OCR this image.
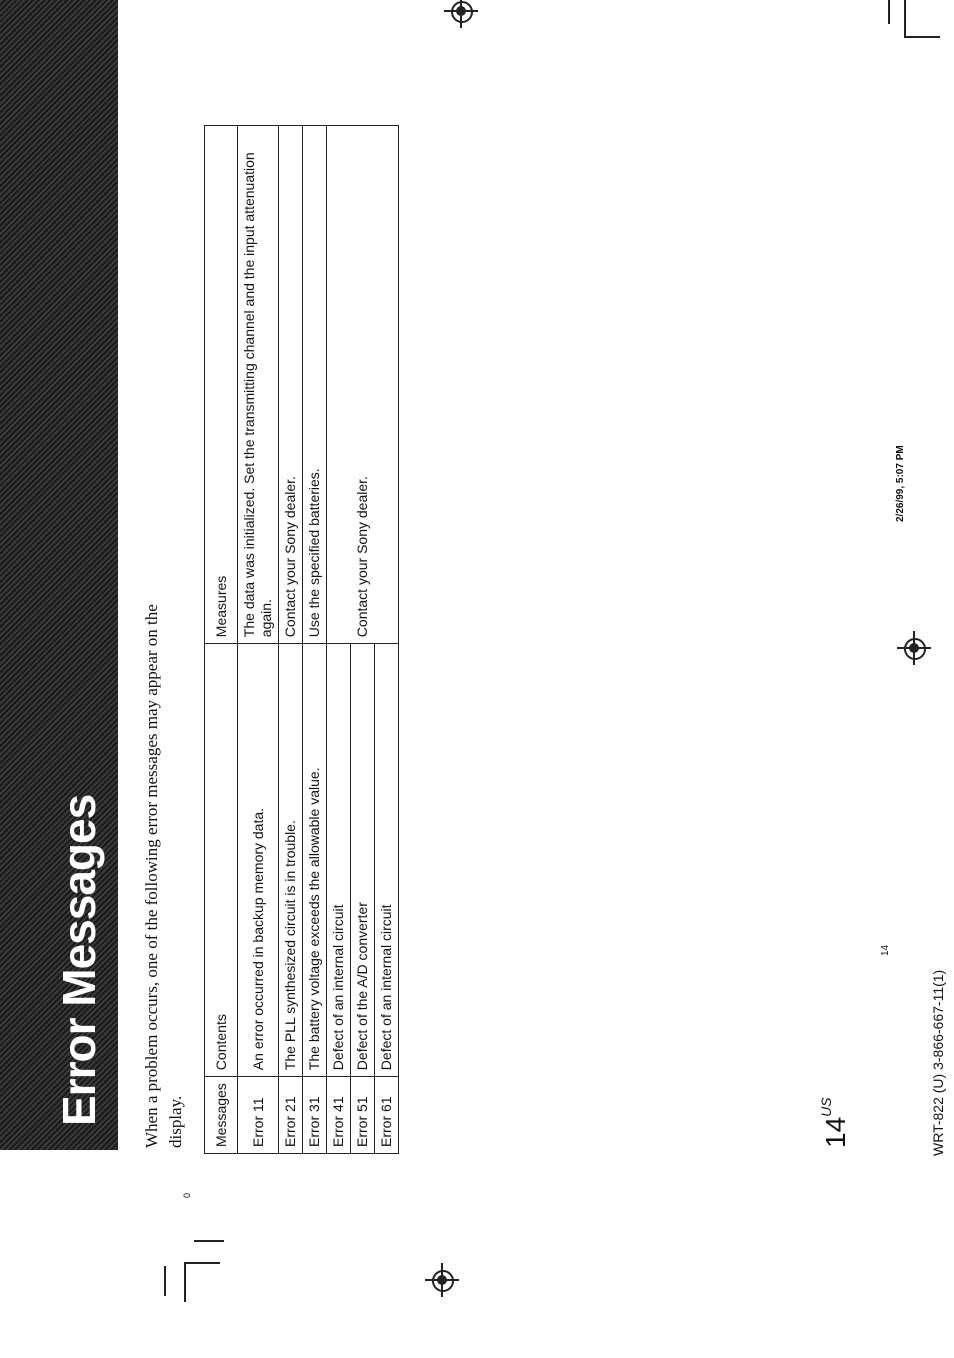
Error Messages When a problem occurs, one of the following error messages may appear on the display. Messages	Contents	Measures
Error 11	An error occurred in backup memory data.	The data was initialized. Set the transmitting channel and the input attenuation again.
Error 21	The PLL synthesized circuit is in trouble.	Contact your Sony dealer.
Error 31	The battery voltage exceeds the allowable value.	Use the specified batteries.
Error 41	Defect of an internal circuit	Contact your Sony dealer.
Error 51	Defect of the A/D converter	
Error 61	Defect of an internal circuit	
$14^{US}$
14
2/26/99, 5:07 PM
WRT-822 (U) 3-866-667-11(1)
0
